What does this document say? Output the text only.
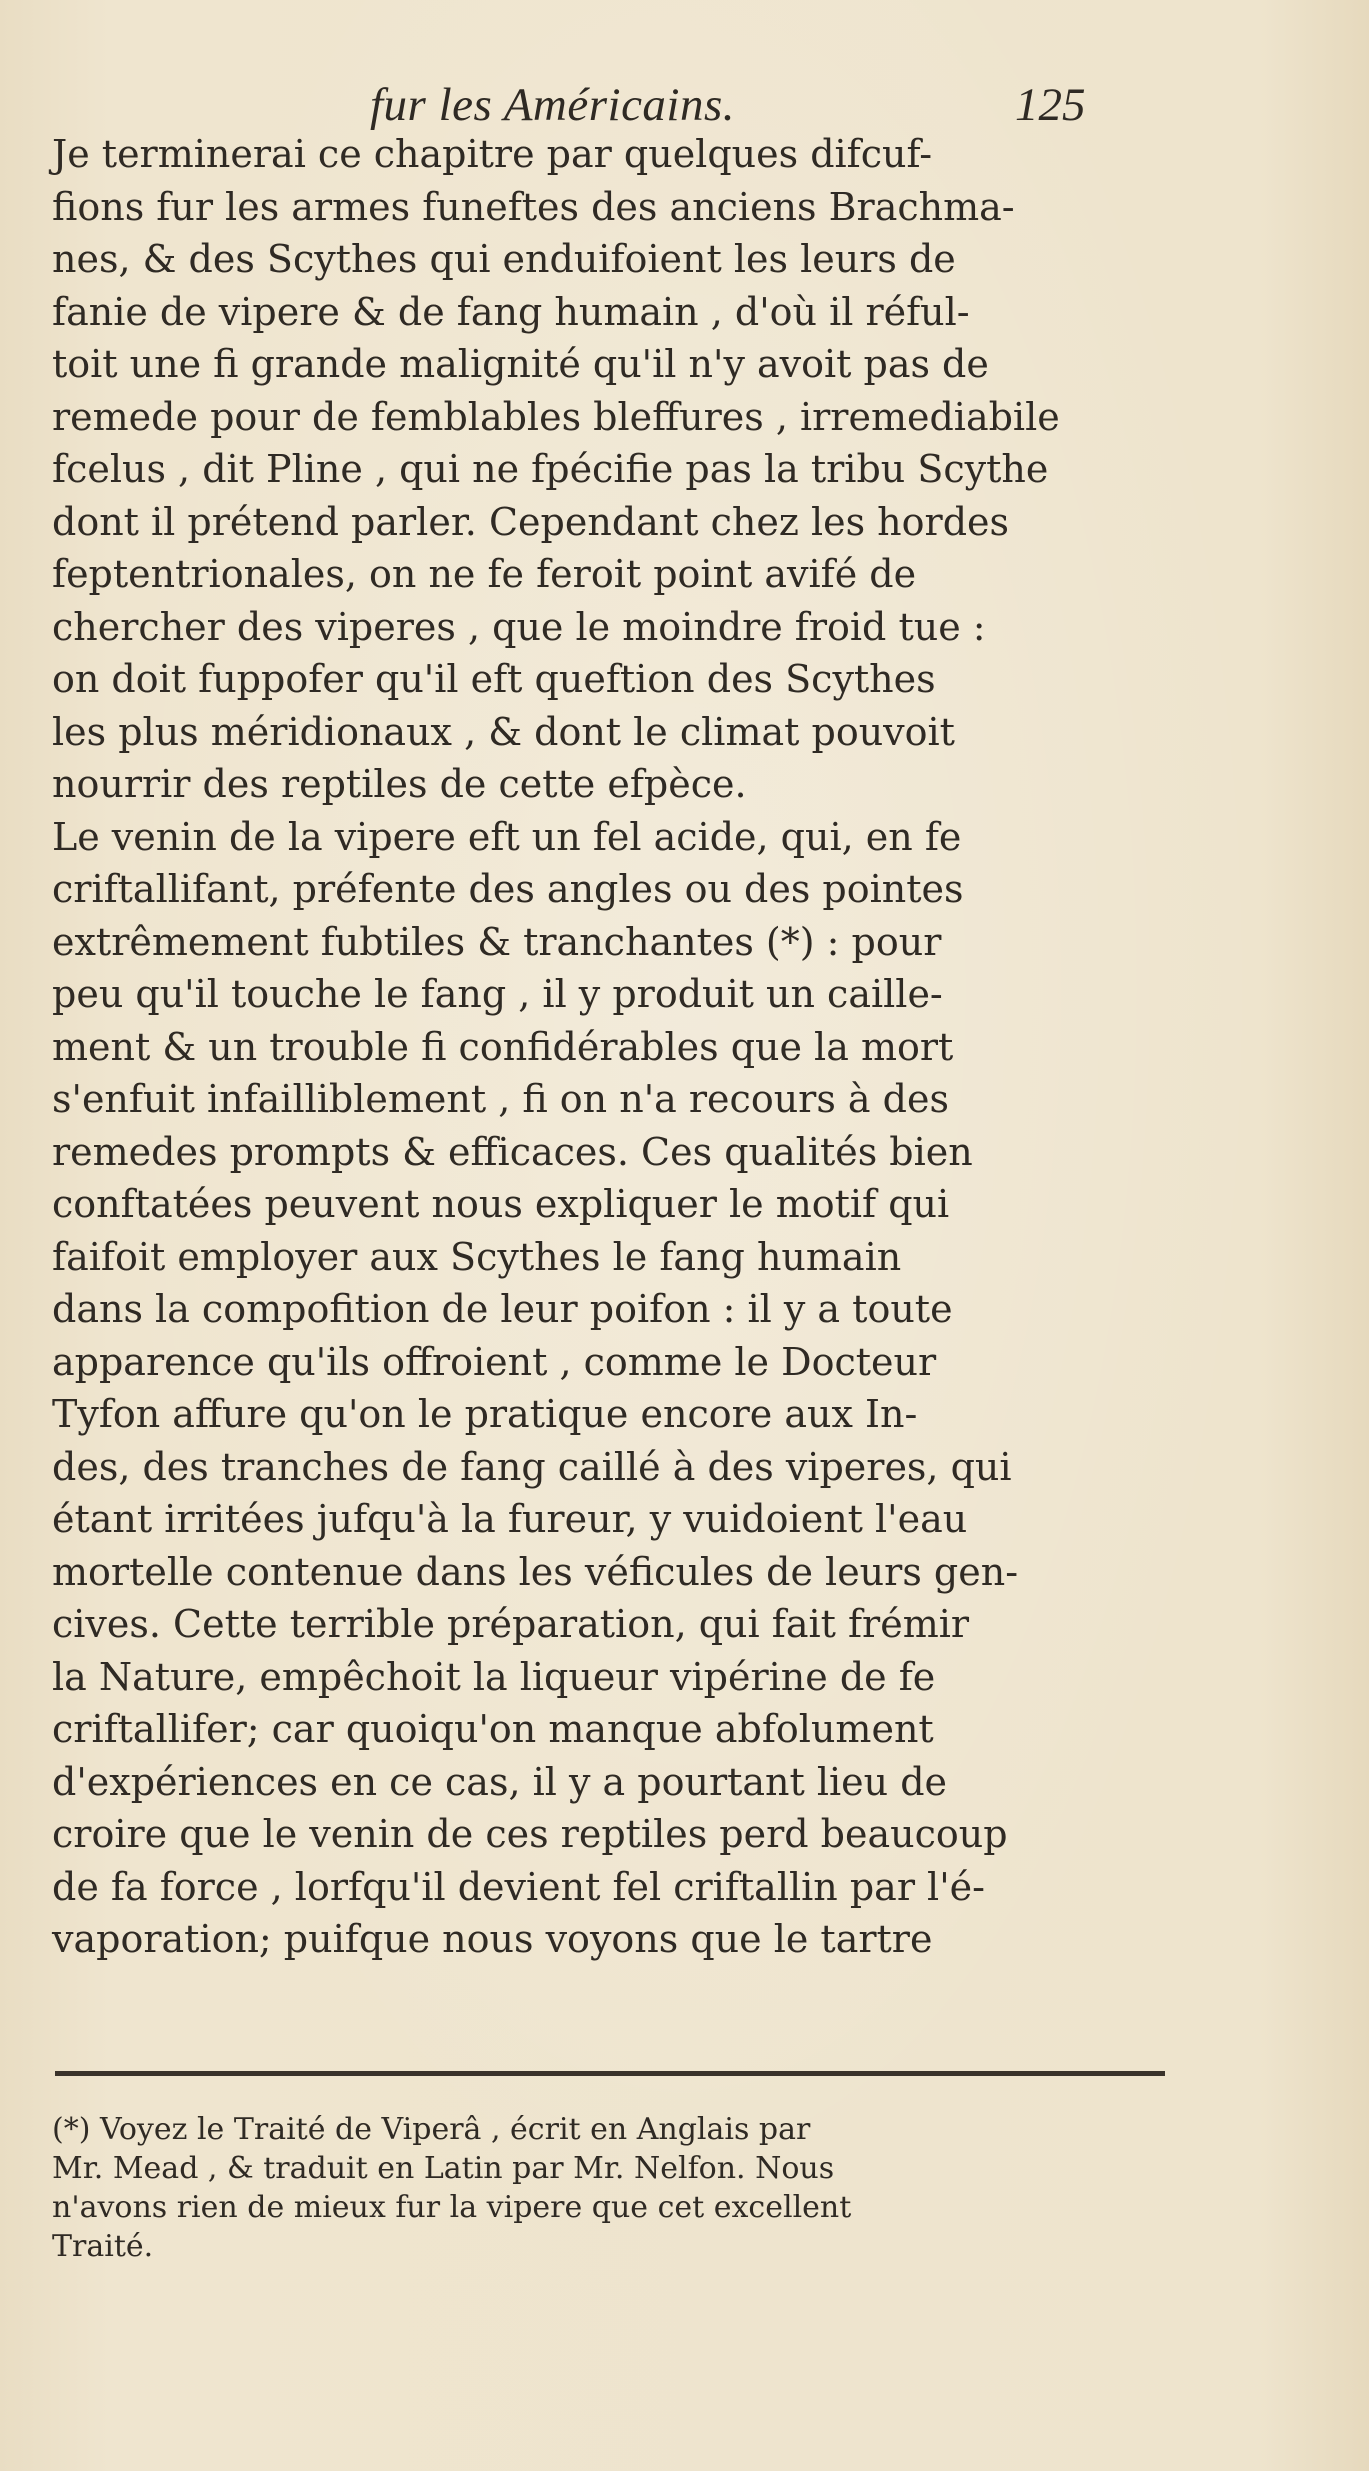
fur les Américains.	125
Je terminerai ce chapitre par quelques difcuf-
fions fur les armes funeftes des anciens Brachma-
nes, & des Scythes qui enduifoient les leurs de
fanie de vipere & de fang humain , d'où il réful-
toit une fi grande malignité qu'il n'y avoit pas de
remede pour de femblables bleffures , irremediabile
fcelus , dit Pline , qui ne fpécifie pas la tribu Scythe
dont il prétend parler. Cependant chez les hordes
feptentrionales, on ne fe feroit point avifé de
chercher des viperes , que le moindre froid tue :
on doit fuppofer qu'il eft queftion des Scythes
les plus méridionaux , & dont le climat pouvoit
nourrir des reptiles de cette efpèce.
Le venin de la vipere eft un fel acide, qui, en fe
criftallifant, préfente des angles ou des pointes
extrêmement fubtiles & tranchantes (*) : pour
peu qu'il touche le fang , il y produit un caille-
ment & un trouble fi confidérables que la mort
s'enfuit infailliblement , fi on n'a recours à des
remedes prompts & efficaces. Ces qualités bien
conftatées peuvent nous expliquer le motif qui
faifoit employer aux Scythes le fang humain
dans la compofition de leur poifon : il y a toute
apparence qu'ils offroient , comme le Docteur
Tyfon affure qu'on le pratique encore aux In-
des, des tranches de fang caillé à des viperes, qui
étant irritées jufqu'à la fureur, y vuidoient l'eau
mortelle contenue dans les véficules de leurs gen-
cives. Cette terrible préparation, qui fait frémir
la Nature, empêchoit la liqueur vipérine de fe
criftallifer; car quoiqu'on manque abfolument
d'expériences en ce cas, il y a pourtant lieu de
croire que le venin de ces reptiles perd beaucoup
de fa force , lorfqu'il devient fel criftallin par l'é-
vaporation; puifque nous voyons que le tartre
(*) Voyez le Traité de Viperâ , écrit en Anglais par
Mr. Mead , & traduit en Latin par Mr. Nelfon. Nous
n'avons rien de mieux fur la vipere que cet excellent
Traité.
